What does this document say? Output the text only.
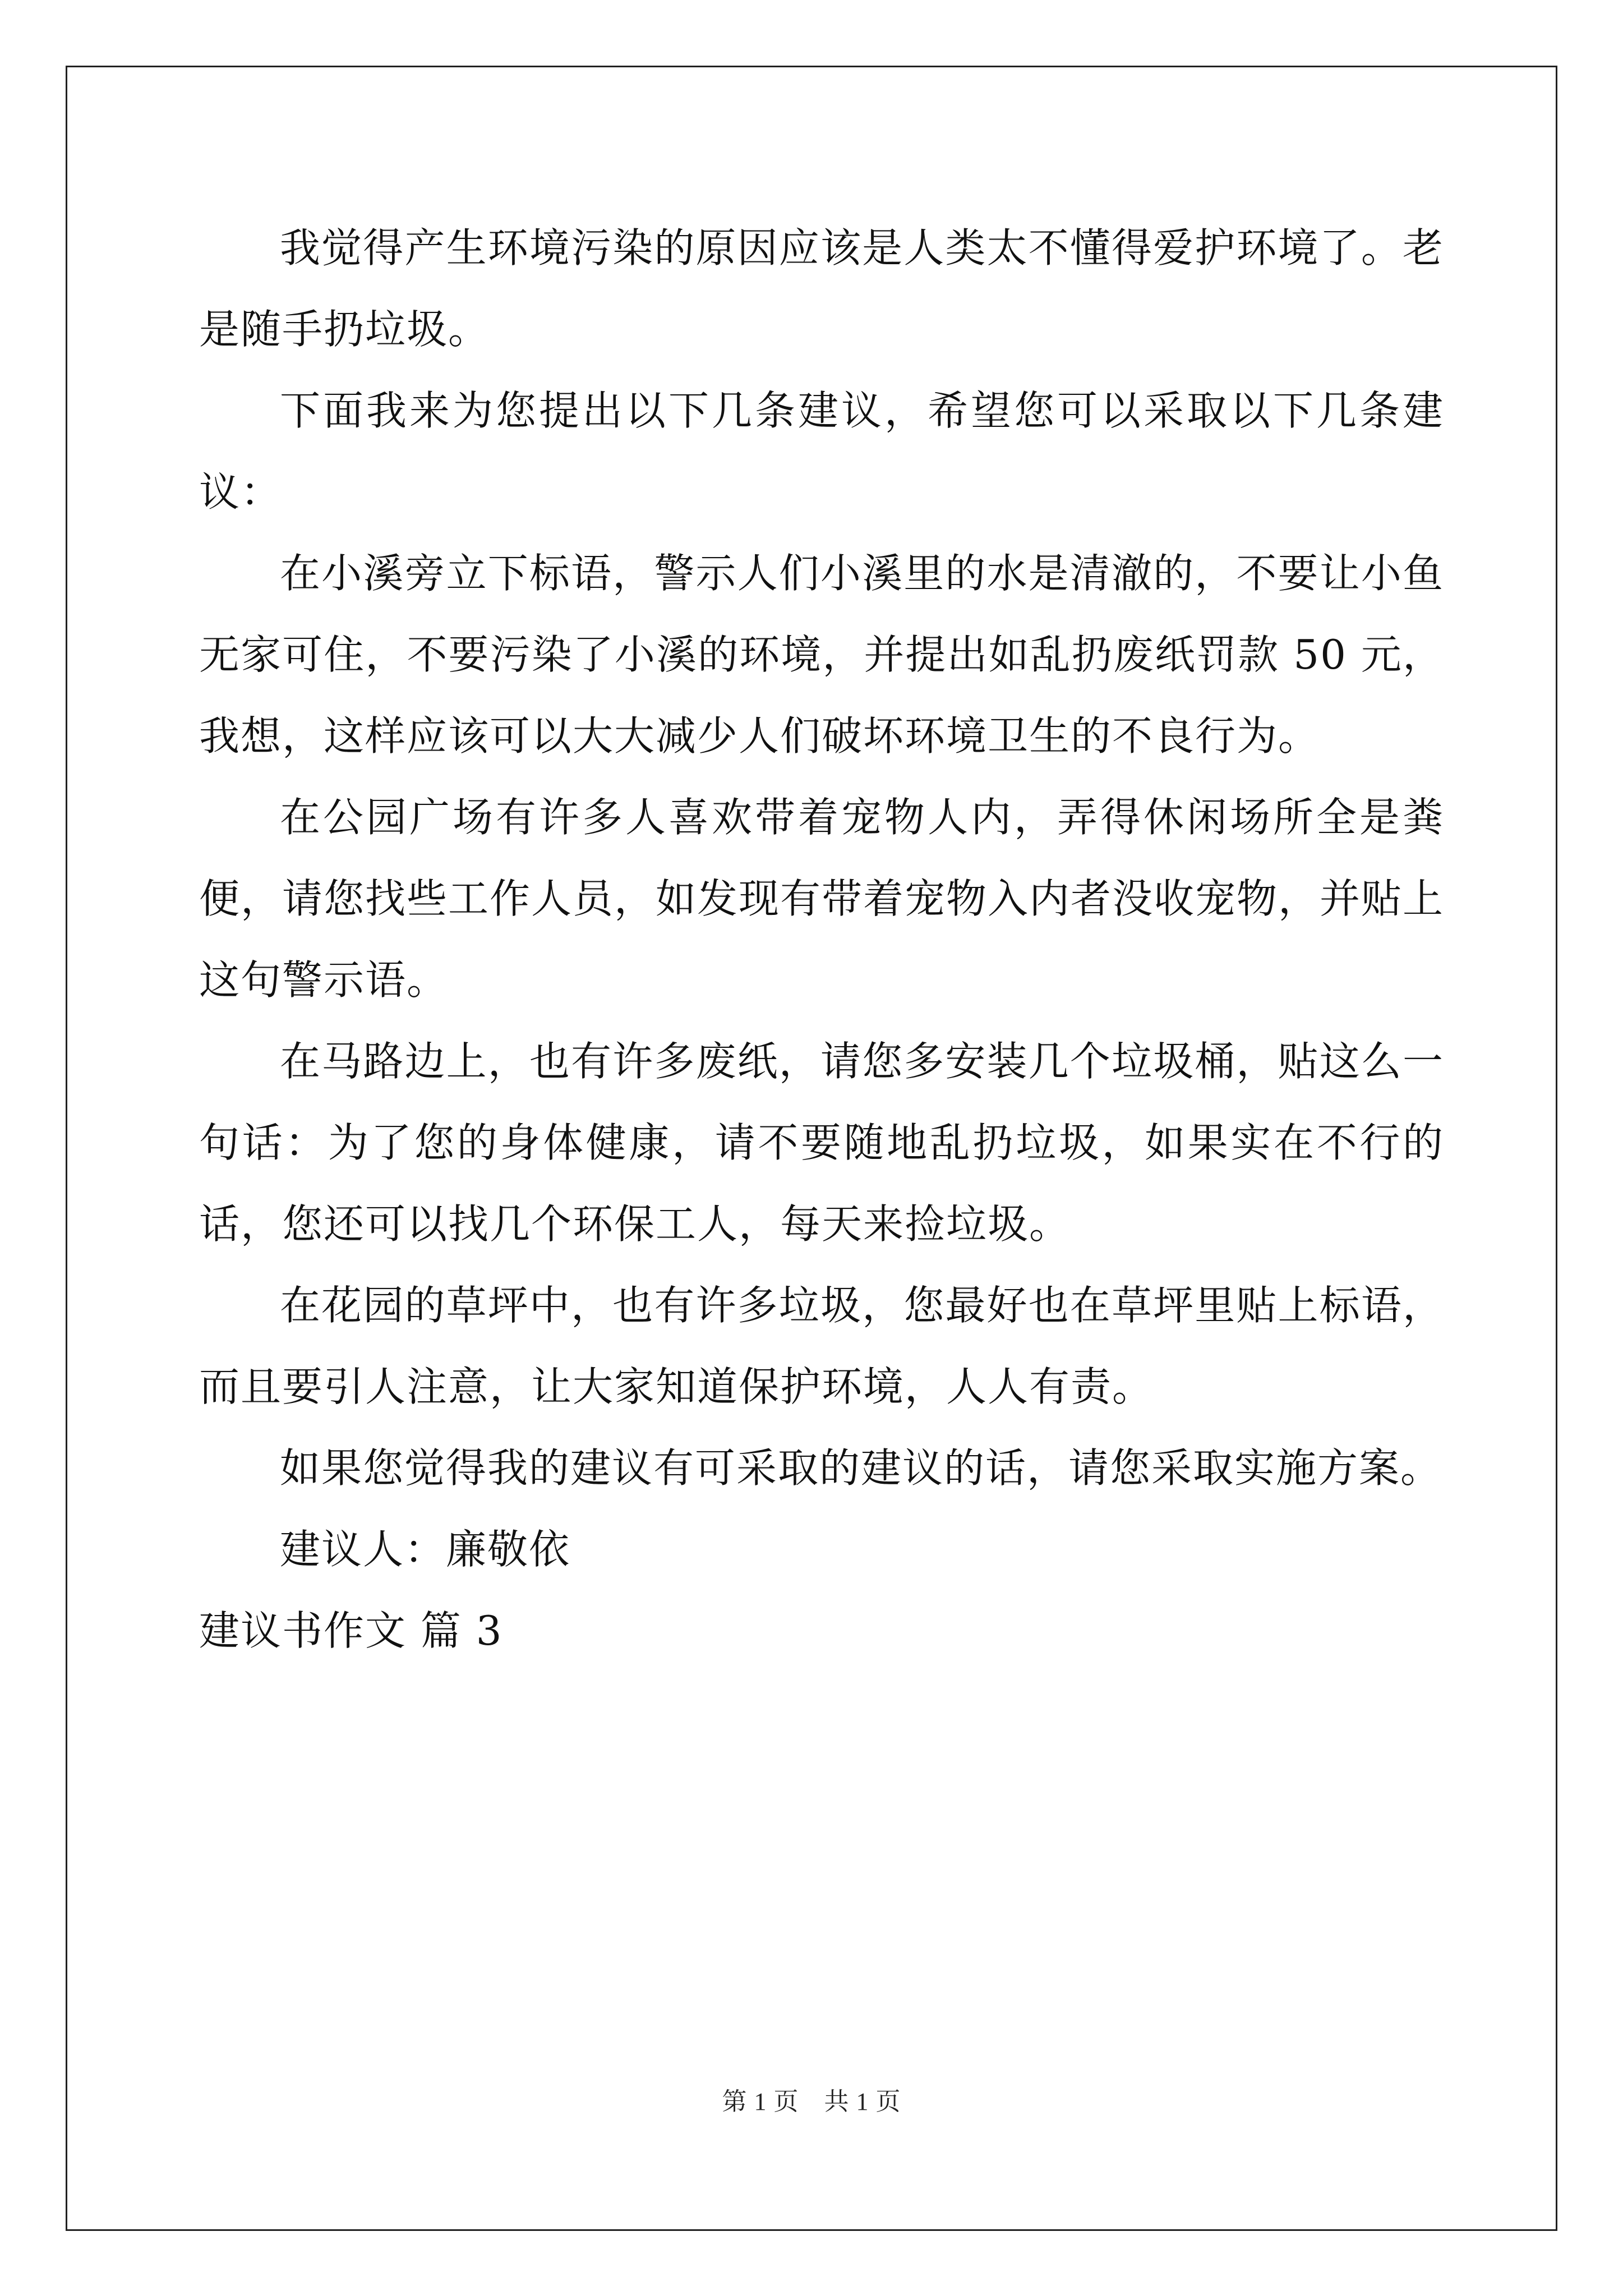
我觉得产生环境污染的原因应该是人类太不懂得爱护环境了。老是随手扔垃圾。

下面我来为您提出以下几条建议，希望您可以采取以下几条建议：

在小溪旁立下标语，警示人们小溪里的水是清澈的，不要让小鱼无家可住，不要污染了小溪的环境，并提出如乱扔废纸罚款 50 元，我想，这样应该可以大大减少人们破坏环境卫生的不良行为。

在公园广场有许多人喜欢带着宠物人内，弄得休闲场所全是粪便，请您找些工作人员，如发现有带着宠物入内者没收宠物，并贴上这句警示语。

在马路边上，也有许多废纸，请您多安装几个垃圾桶，贴这么一句话：为了您的身体健康，请不要随地乱扔垃圾，如果实在不行的话，您还可以找几个环保工人，每天来捡垃圾。

在花园的草坪中，也有许多垃圾，您最好也在草坪里贴上标语，而且要引人注意，让大家知道保护环境，人人有责。

如果您觉得我的建议有可采取的建议的话，请您采取实施方案。

建议人：廉敬依

建议书作文 篇 3

第 1 页　共 1 页
